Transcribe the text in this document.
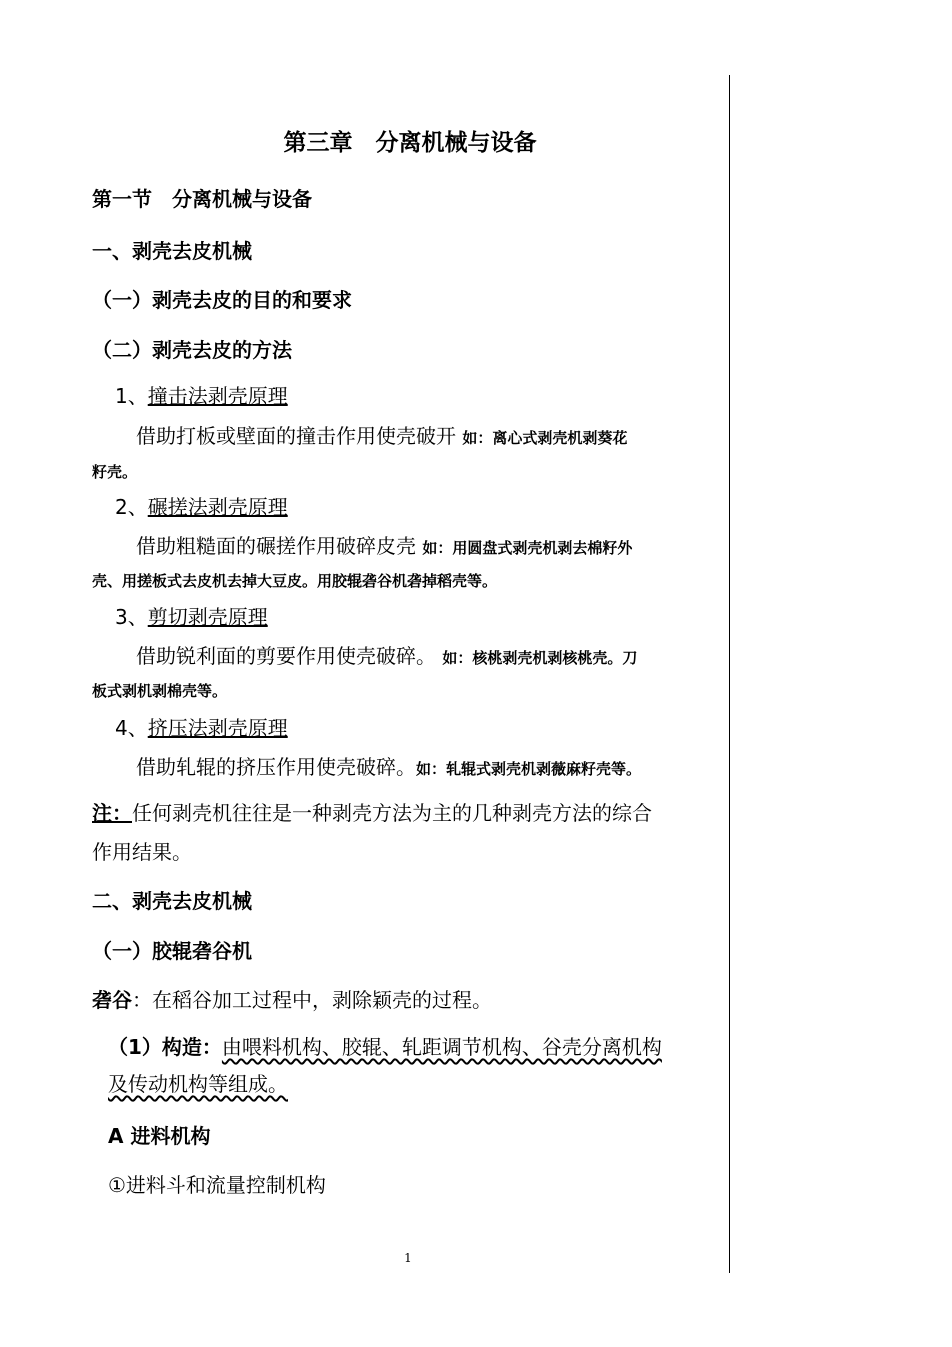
第三章　分离机械与设备
第一节　分离机械与设备
一、剥壳去皮机械
（一）剥壳去皮的目的和要求
（二）剥壳去皮的方法
1、撞击法剥壳原理
借助打板或壁面的撞击作用使壳破开 如：离心式剥壳机剥葵花
籽壳。
2、碾搓法剥壳原理
借助粗糙面的碾搓作用破碎皮壳 如：用圆盘式剥壳机剥去棉籽外
壳、用搓板式去皮机去掉大豆皮。用胶辊砻谷机砻掉稻壳等。
3、剪切剥壳原理
借助锐利面的剪要作用使壳破碎。 如：核桃剥壳机剥核桃壳。刀
板式剥机剥棉壳等。
4、挤压法剥壳原理
借助轧辊的挤压作用使壳破碎。如：轧辊式剥壳机剥薇麻籽壳等。
注：任何剥壳机往往是一种剥壳方法为主的几种剥壳方法的综合
作用结果。
二、剥壳去皮机械
（一）胶辊砻谷机
砻谷：在稻谷加工过程中，剥除颖壳的过程。
（1）构造：由喂料机构、胶辊、轧距调节机构、谷壳分离机构
及传动机构等组成。
A 进料机构
①进料斗和流量控制机构
1
